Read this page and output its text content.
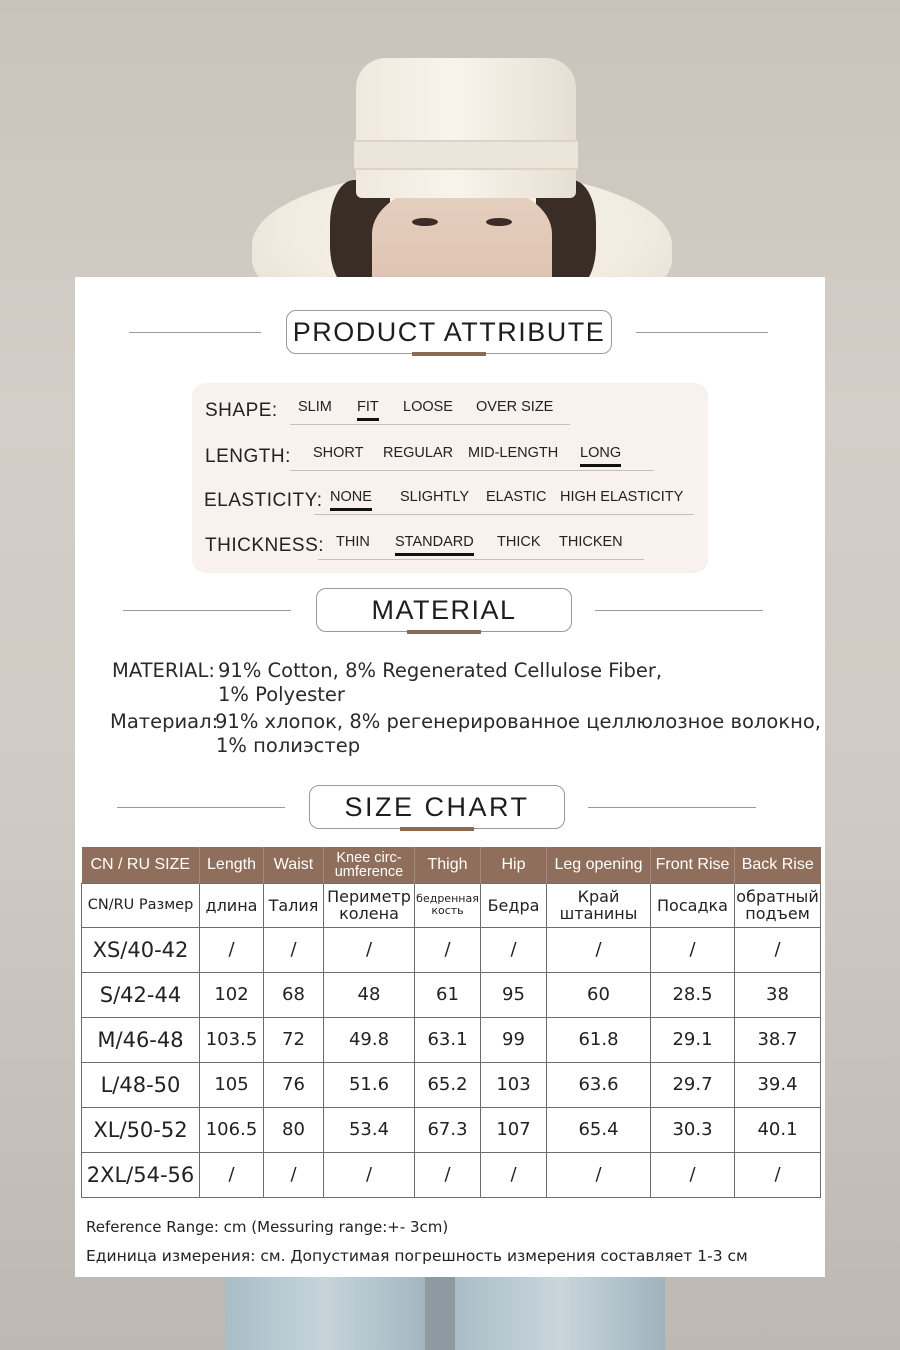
PRODUCT ATTRIBUTE
SHAPE: SLIM FIT LOOSE OVER SIZE
LENGTH: SHORT REGULAR MID-LENGTH LONG
ELASTICITY: NONE SLIGHTLY ELASTIC HIGH ELASTICITY
THICKNESS: THIN STANDARD THICK THICKEN
MATERIAL
MATERIAL: 91% Cotton, 8% Regenerated Cellulose Fiber,
1% Polyester
Материал:
91% хлопок, 8% регенерированное целлюлозное волокно,
1% полиэстер
SIZE CHART
CN / RU SIZE	Length	Waist	Knee circ-
umference	Thigh	Hip	Leg opening	Front Rise	Back Rise
CN/RU Размер	длина	Талия	Периметр
колена	бедренная
кость	Бедра	Край
штанины	Посадка	обратный
подъем
XS/40-42	/	/	/	/	/	/	/	/
S/42-44	102	68	48	61	95	60	28.5	38
M/46-48	103.5	72	49.8	63.1	99	61.8	29.1	38.7
L/48-50	105	76	51.6	65.2	103	63.6	29.7	39.4
XL/50-52	106.5	80	53.4	67.3	107	65.4	30.3	40.1
2XL/54-56	/	/	/	/	/	/	/	/
Reference Range: cm (Messuring range:+- 3cm)
Единица измерения: см. Допустимая погрешность измерения составляет 1-3 см
